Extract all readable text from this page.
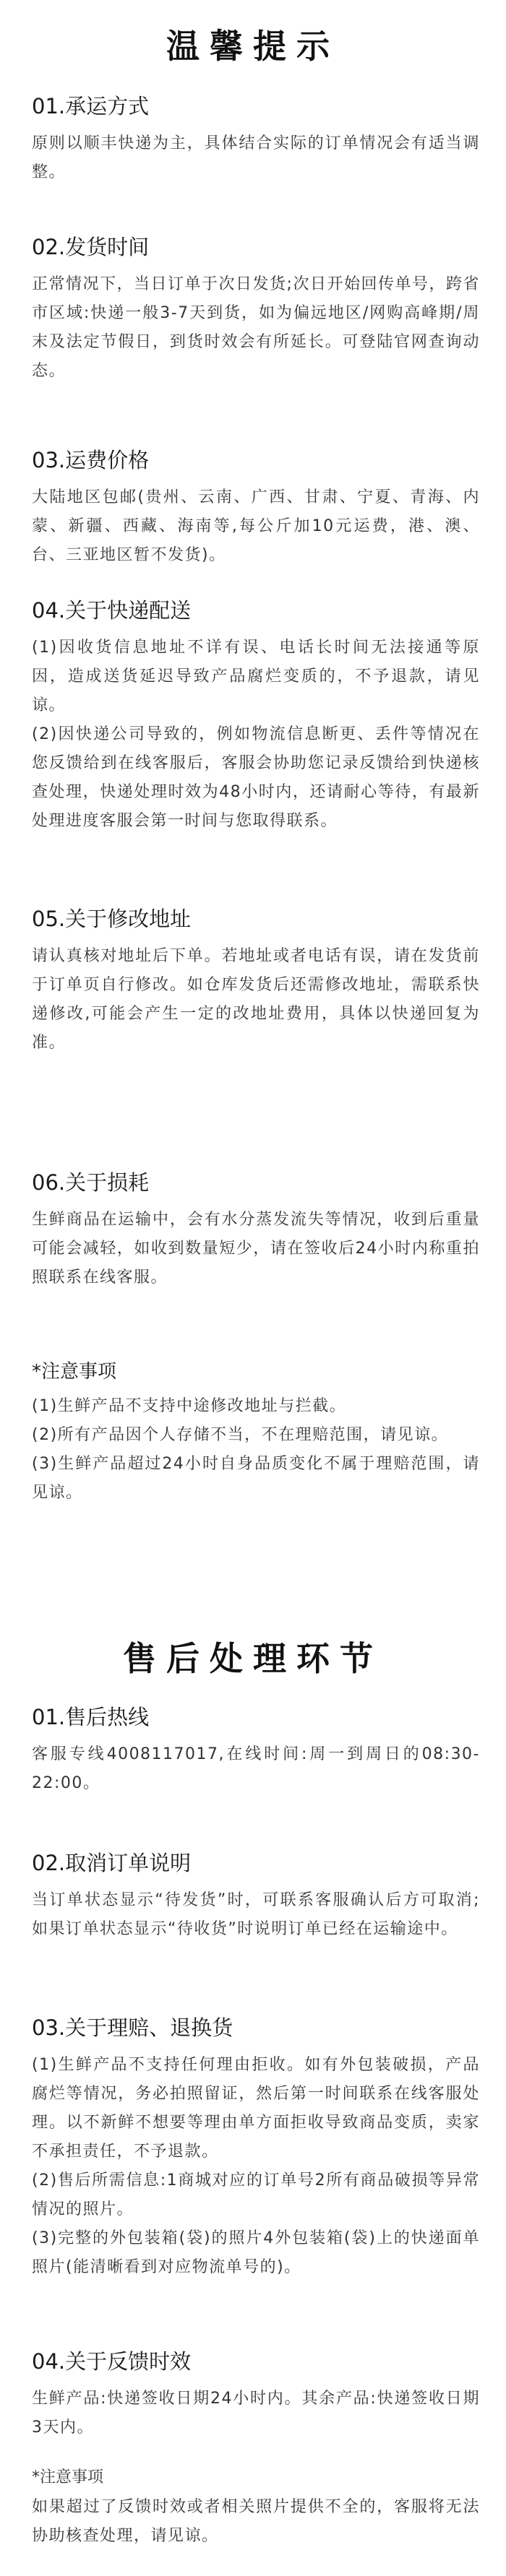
温馨提示
01.承运方式
原则以顺丰快递为主，具体结合实际的订单情况会有适当调整。
02.发货时间
正常情况下，当日订单于次日发货;次日开始回传单号，跨省市区域:快递一般3-7天到货，如为偏远地区/网购高峰期/周末及法定节假日，到货时效会有所延长。可登陆官网查询动态。
03.运费价格
大陆地区包邮(贵州、云南、广西、甘肃、宁夏、青海、内蒙、新疆、西藏、海南等,每公斤加10元运费，港、澳、台、三亚地区暂不发货)。
04.关于快递配送
(1)因收货信息地址不详有误、电话长时间无法接通等原因，造成送货延迟导致产品腐烂变质的，不予退款，请见谅。
(2)因快递公司导致的，例如物流信息断更、丢件等情况在您反馈给到在线客服后，客服会协助您记录反馈给到快递核查处理，快递处理时效为48小时内，还请耐心等待，有最新处理进度客服会第一时间与您取得联系。
05.关于修改地址
请认真核对地址后下单。若地址或者电话有误，请在发货前于订单页自行修改。如仓库发货后还需修改地址，需联系快递修改,可能会产生一定的改地址费用，具体以快递回复为准。
06.关于损耗
生鲜商品在运输中，会有水分蒸发流失等情况，收到后重量可能会减轻，如收到数量短少，请在签收后24小时内称重拍照联系在线客服。
*注意事项
(1)生鲜产品不支持中途修改地址与拦截。
(2)所有产品因个人存储不当，不在理赔范围，请见谅。
(3)生鲜产品超过24小时自身品质变化不属于理赔范围，请见谅。
售后处理环节
01.售后热线
客服专线4008117017,在线时间:周一到周日的08:30-22:00。
02.取消订单说明
当订单状态显示“待发货”时，可联系客服确认后方可取消;如果订单状态显示“待收货”时说明订单已经在运输途中。
03.关于理赔、退换货
(1)生鲜产品不支持任何理由拒收。如有外包装破损，产品腐烂等情况，务必拍照留证，然后第一时间联系在线客服处理。以不新鲜不想要等理由单方面拒收导致商品变质，卖家不承担责任，不予退款。
(2)售后所需信息:1商城对应的订单号2所有商品破损等异常情况的照片。
(3)完整的外包装箱(袋)的照片4外包装箱(袋)上的快递面单照片(能清晰看到对应物流单号的)。
04.关于反馈时效
生鲜产品:快递签收日期24小时内。其余产品:快递签收日期3天内。
*注意事项
如果超过了反馈时效或者相关照片提供不全的，客服将无法协助核查处理，请见谅。
